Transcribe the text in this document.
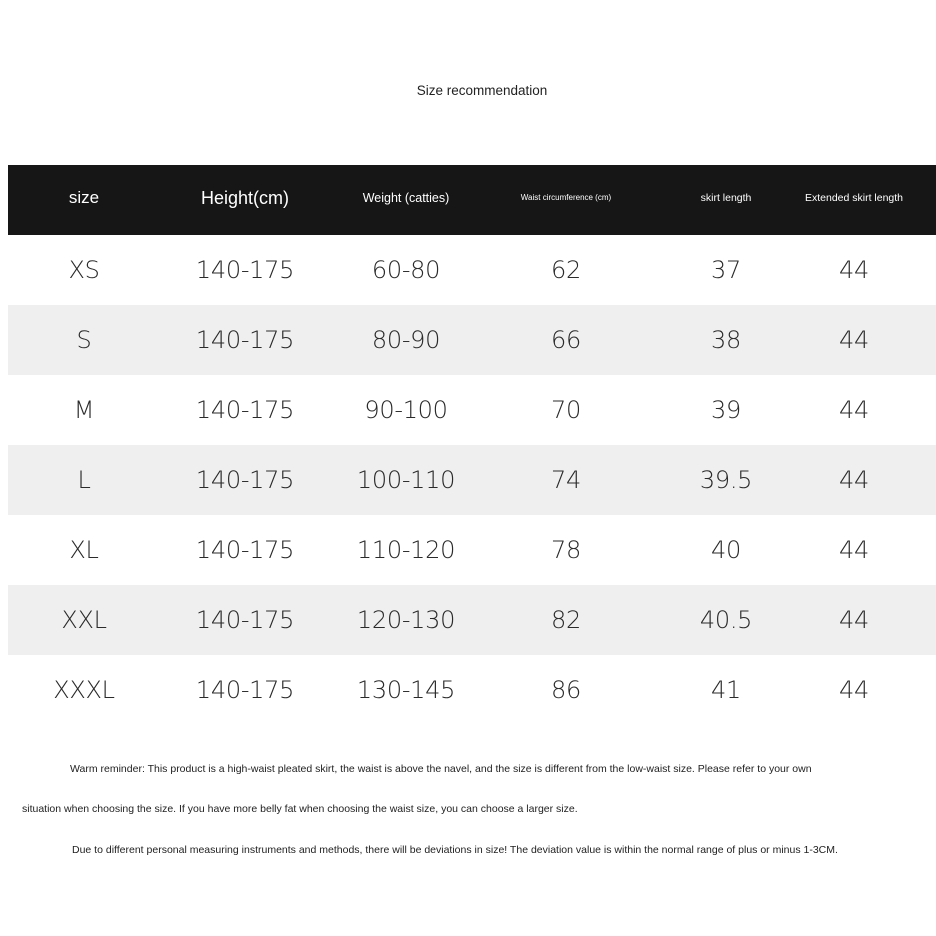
Size recommendation
size	Height(cm)	Weight (catties)	Waist circumference (cm)	skirt length	Extended skirt length
XS	140-175	60-80	62	37	44
S	140-175	80-90	66	38	44
M	140-175	90-100	70	39	44
L	140-175	100-110	74	39.5	44
XL	140-175	110-120	78	40	44
XXL	140-175	120-130	82	40.5	44
XXXL	140-175	130-145	86	41	44
Warm reminder: This product is a high-waist pleated skirt, the waist is above the navel, and the size is different from the low-waist size. Please refer to your own
situation when choosing the size. If you have more belly fat when choosing the waist size, you can choose a larger size.
Due to different personal measuring instruments and methods, there will be deviations in size! The deviation value is within the normal range of plus or minus 1-3CM.
